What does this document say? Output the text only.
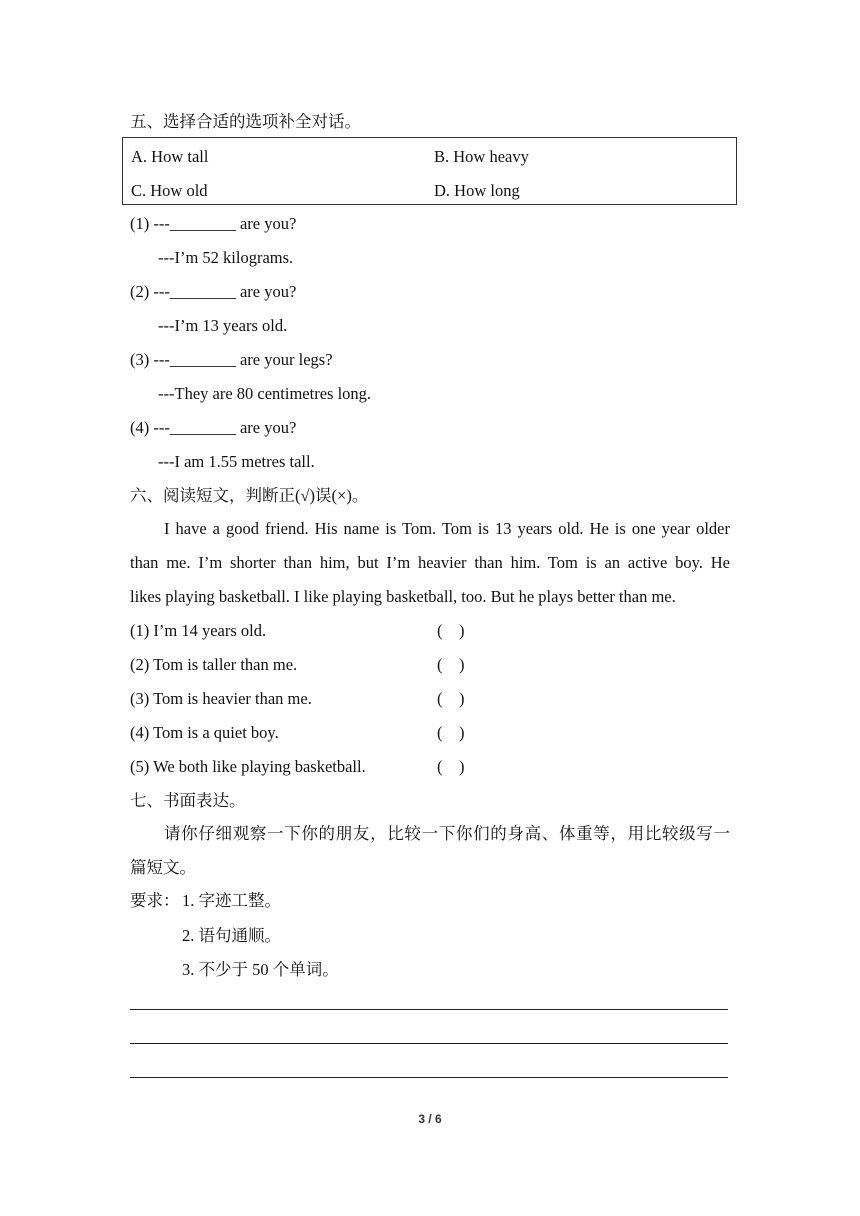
五、选择合适的选项补全对话。
A. How tall	B. How heavy
C. How old	D. How long
(1) ---________ are you?
---I’m 52 kilograms.
(2) ---________ are you?
---I’m 13 years old.
(3) ---________ are your legs?
---They are 80 centimetres long.
(4) ---________ are you?
---I am 1.55 metres tall.
六、阅读短文，判断正(√)误(×)。
I have a good friend. His name is Tom. Tom is 13 years old. He is one year older
than me. I’m shorter than him, but I’m heavier than him. Tom is an active boy. He
likes playing basketball. I like playing basketball, too. But he plays better than me.
(1) I’m 14 years old.	(    )
(2) Tom is taller than me.	(    )
(3) Tom is heavier than me.	(    )
(4) Tom is a quiet boy.	(    )
(5) We both like playing basketball.	(    )
七、书面表达。
请你仔细观察一下你的朋友，比较一下你们的身高、体重等，用比较级写一
篇短文。
要求： 1. 字迹工整。
2. 语句通顺。
3. 不少于 50 个单词。
3 / 6
